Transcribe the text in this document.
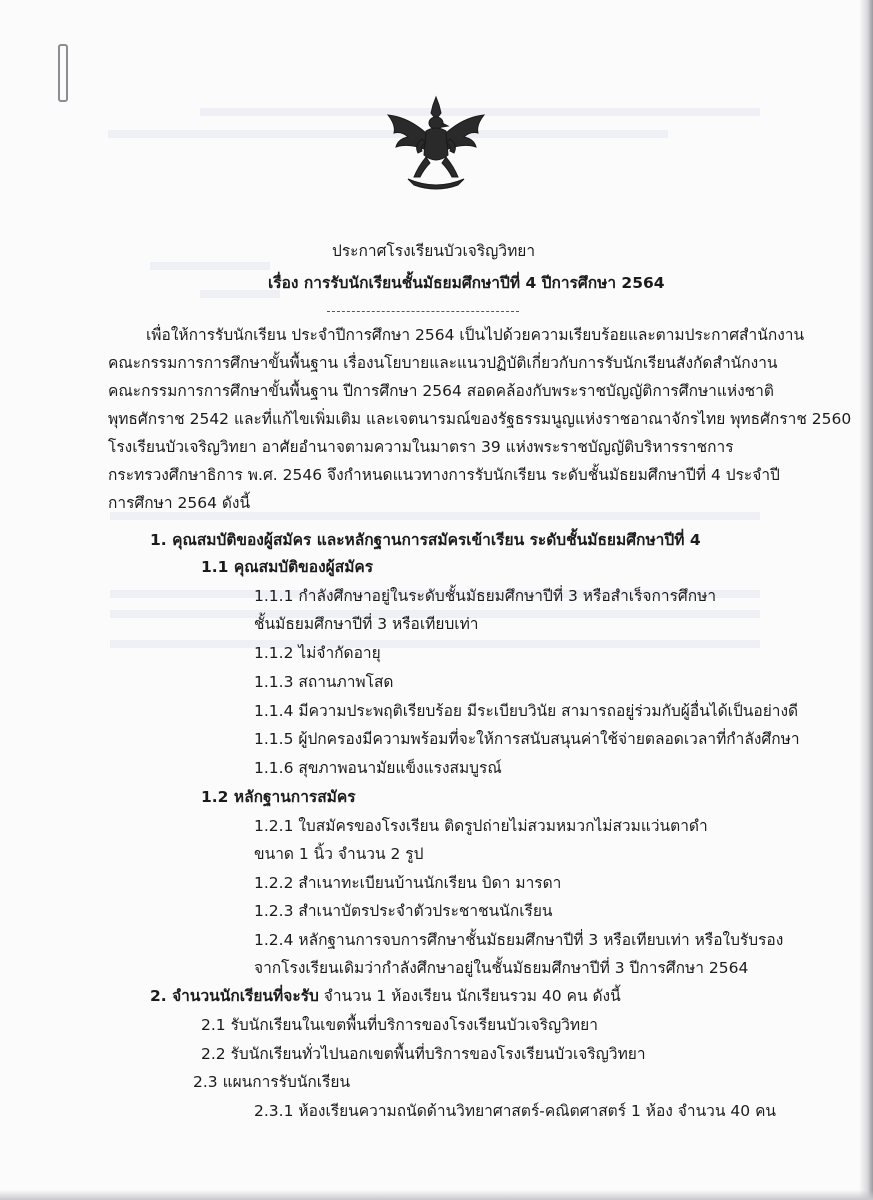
ประกาศโรงเรียนบัวเจริญวิทยา
เรื่อง การรับนักเรียนชั้นมัธยมศึกษาปีที่ 4 ปีการศึกษา 2564
เพื่อให้การรับนักเรียน ประจำปีการศึกษา 2564 เป็นไปด้วยความเรียบร้อยและตามประกาศสำนักงาน
คณะกรรมการการศึกษาขั้นพื้นฐาน เรื่องนโยบายและแนวปฏิบัติเกี่ยวกับการรับนักเรียนสังกัดสำนักงาน
คณะกรรมการการศึกษาขั้นพื้นฐาน ปีการศึกษา 2564 สอดคล้องกับพระราชบัญญัติการศึกษาแห่งชาติ
พุทธศักราช 2542 และที่แก้ไขเพิ่มเติม และเจตนารมณ์ของรัฐธรรมนูญแห่งราชอาณาจักรไทย พุทธศักราช 2560
โรงเรียนบัวเจริญวิทยา อาศัยอำนาจตามความในมาตรา 39 แห่งพระราชบัญญัติบริหารราชการ
กระทรวงศึกษาธิการ พ.ศ. 2546 จึงกำหนดแนวทางการรับนักเรียน ระดับชั้นมัธยมศึกษาปีที่ 4 ประจำปี
การศึกษา 2564 ดังนี้
1. คุณสมบัติของผู้สมัคร และหลักฐานการสมัครเข้าเรียน ระดับชั้นมัธยมศึกษาปีที่ 4
1.1 คุณสมบัติของผู้สมัคร
1.1.1 กำลังศึกษาอยู่ในระดับชั้นมัธยมศึกษาปีที่ 3 หรือสำเร็จการศึกษา
ชั้นมัธยมศึกษาปีที่ 3 หรือเทียบเท่า
1.1.2 ไม่จำกัดอายุ
1.1.3 สถานภาพโสด
1.1.4 มีความประพฤติเรียบร้อย มีระเบียบวินัย สามารถอยู่ร่วมกับผู้อื่นได้เป็นอย่างดี
1.1.5 ผู้ปกครองมีความพร้อมที่จะให้การสนับสนุนค่าใช้จ่ายตลอดเวลาที่กำลังศึกษา
1.1.6 สุขภาพอนามัยแข็งแรงสมบูรณ์
1.2 หลักฐานการสมัคร
1.2.1 ใบสมัครของโรงเรียน ติดรูปถ่ายไม่สวมหมวกไม่สวมแว่นตาดำ
ขนาด 1 นิ้ว จำนวน 2 รูป
1.2.2 สำเนาทะเบียนบ้านนักเรียน บิดา มารดา
1.2.3 สำเนาบัตรประจำตัวประชาชนนักเรียน
1.2.4 หลักฐานการจบการศึกษาชั้นมัธยมศึกษาปีที่ 3 หรือเทียบเท่า หรือใบรับรอง
จากโรงเรียนเดิมว่ากำลังศึกษาอยู่ในชั้นมัธยมศึกษาปีที่ 3 ปีการศึกษา 2564
2. จำนวนนักเรียนที่จะรับ จำนวน 1 ห้องเรียน นักเรียนรวม 40 คน ดังนี้
2.1 รับนักเรียนในเขตพื้นที่บริการของโรงเรียนบัวเจริญวิทยา
2.2 รับนักเรียนทั่วไปนอกเขตพื้นที่บริการของโรงเรียนบัวเจริญวิทยา
2.3 แผนการรับนักเรียน
2.3.1 ห้องเรียนความถนัดด้านวิทยาศาสตร์-คณิตศาสตร์ 1 ห้อง จำนวน 40 คน
